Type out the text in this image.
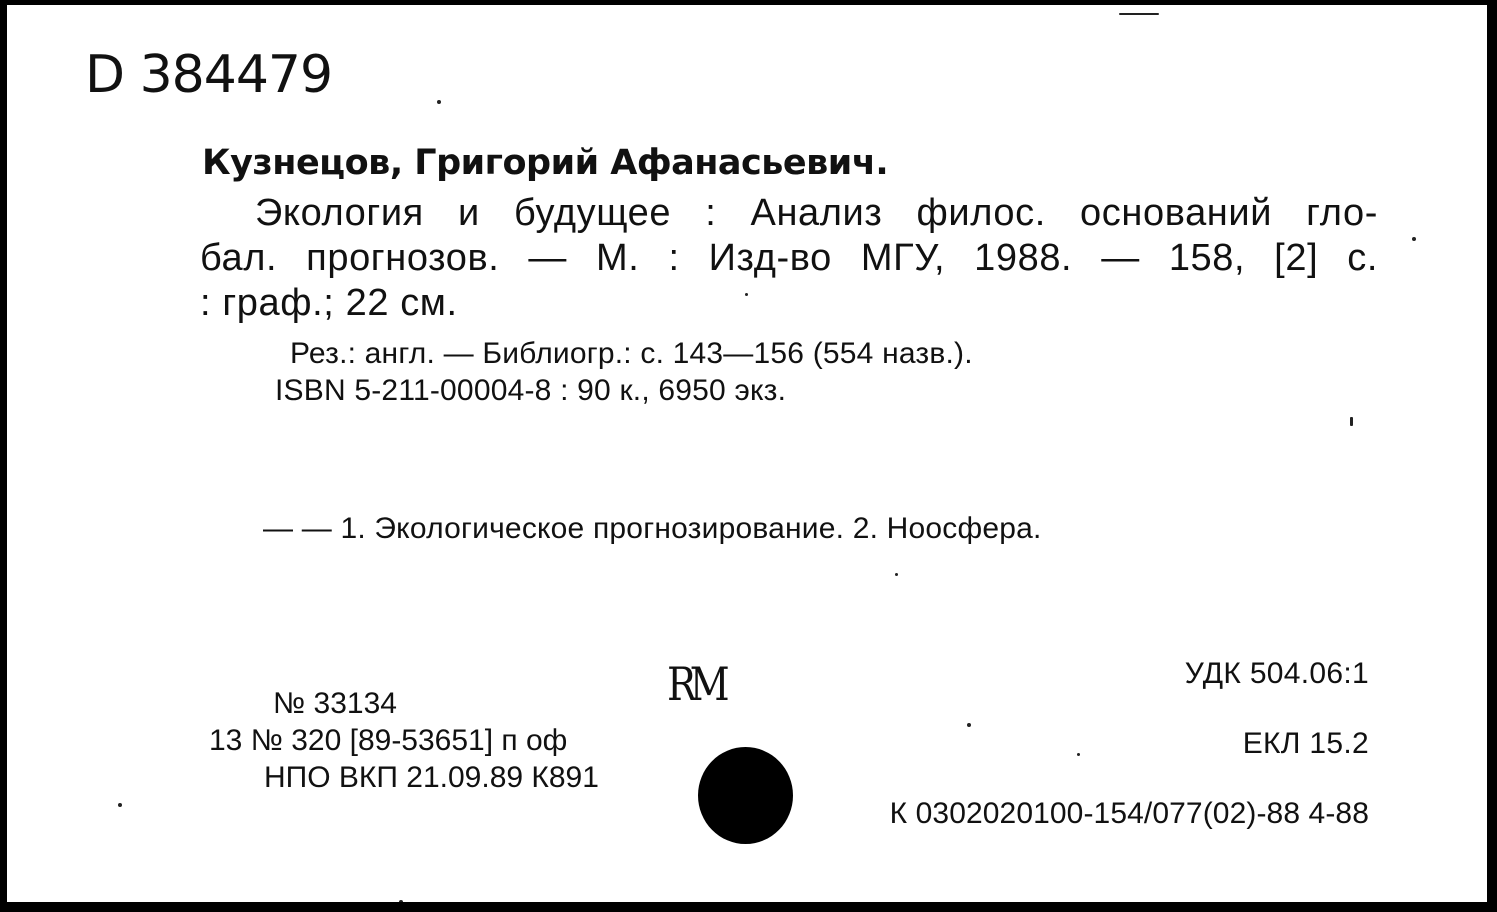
D 384479
Кузнецов, Григорий Афанасьевич.
Экология и будущее : Анализ филос. оснований гло-
бал. прогнозов. — М. : Изд-во МГУ, 1988. — 158, [2] с.
: граф.; 22 см.
Рез.: англ. — Библиогр.: с. 143—156 (554 назв.).
ISBN 5-211-00004-8 : 90 к., 6950 экз.
— — 1. Экологическое прогнозирование. 2. Ноосфера.
№ 33134
13 № 320 [89-53651] п оф
НПО ВКП 21.09.89 К891
RM	УДК 504.06:1
ЕКЛ 15.2
К 0302020100-154/077(02)-88 4-88
